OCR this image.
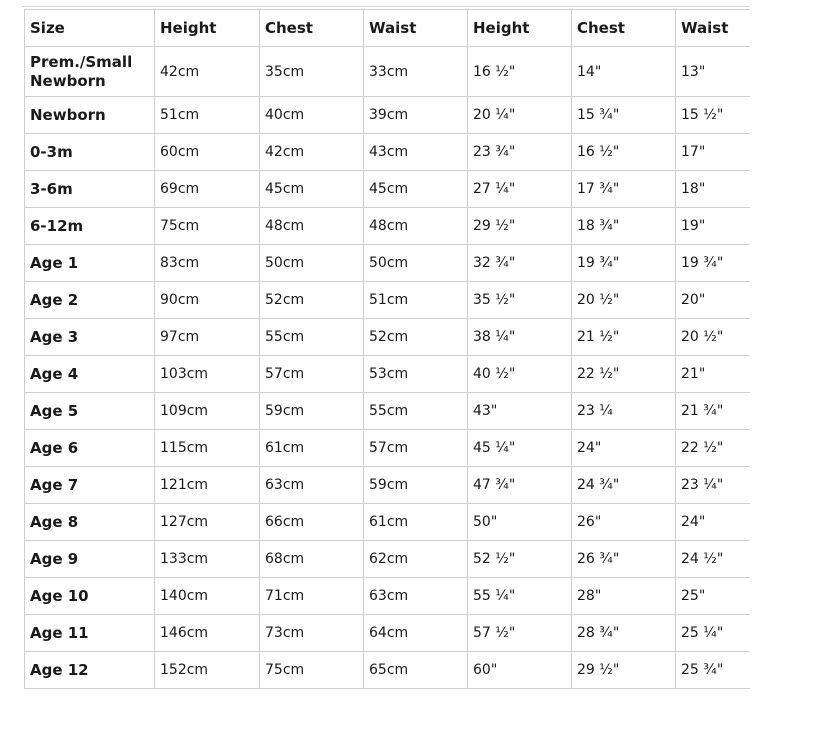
Size	Height	Chest	Waist	Height	Chest	Waist
Prem./Small Newborn	42cm	35cm	33cm	16 ½"	14"	13"
Newborn	51cm	40cm	39cm	20 ¼"	15 ¾"	15 ½"
0-3m	60cm	42cm	43cm	23 ¾"	16 ½"	17"
3-6m	69cm	45cm	45cm	27 ¼"	17 ¾"	18"
6-12m	75cm	48cm	48cm	29 ½"	18 ¾"	19"
Age 1	83cm	50cm	50cm	32 ¾"	19 ¾"	19 ¾"
Age 2	90cm	52cm	51cm	35 ½"	20 ½"	20"
Age 3	97cm	55cm	52cm	38 ¼"	21 ½"	20 ½"
Age 4	103cm	57cm	53cm	40 ½"	22 ½"	21"
Age 5	109cm	59cm	55cm	43"	23 ¼	21 ¾"
Age 6	115cm	61cm	57cm	45 ¼"	24"	22 ½"
Age 7	121cm	63cm	59cm	47 ¾"	24 ¾"	23 ¼"
Age 8	127cm	66cm	61cm	50"	26"	24"
Age 9	133cm	68cm	62cm	52 ½"	26 ¾"	24 ½"
Age 10	140cm	71cm	63cm	55 ¼"	28"	25"
Age 11	146cm	73cm	64cm	57 ½"	28 ¾"	25 ¼"
Age 12	152cm	75cm	65cm	60"	29 ½"	25 ¾"
